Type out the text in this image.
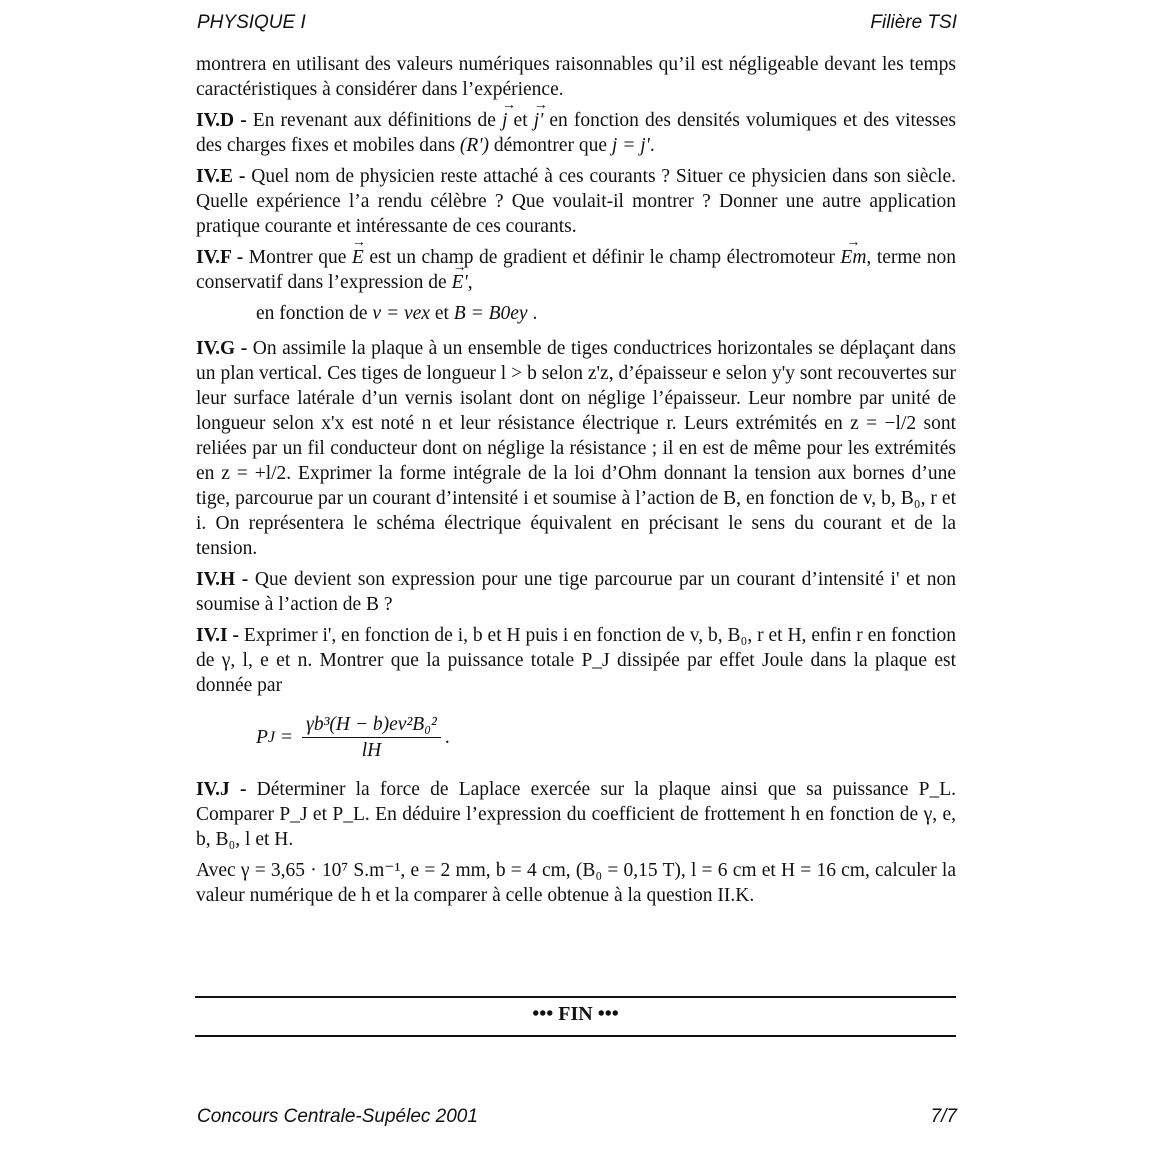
PHYSIQUE I	Filière TSI

montrera en utilisant des valeurs numériques raisonnables qu’il est négligeable devant les temps caractéristiques à considérer dans l’expérience.

IV.D - En revenant aux définitions de → j et → j' en fonction des densités volumiques et des vitesses des charges fixes et mobiles dans (R') démontrer que j = j'.

IV.E - Quel nom de physicien reste attaché à ces courants ? Situer ce physicien dans son siècle. Quelle expérience l’a rendu célèbre ? Que voulait-il montrer ? Donner une autre application pratique courante et intéressante de ces courants.

IV.F - Montrer que → E est un champ de gradient et définir le champ électromoteur → Em, terme non conservatif dans l’expression de → E',

en fonction de v = vex et B = B0ey .

IV.G - On assimile la plaque à un ensemble de tiges conductrices horizontales se déplaçant dans un plan vertical. Ces tiges de longueur l > b selon z'z, d’épaisseur e selon y'y sont recouvertes sur leur surface latérale d’un vernis isolant dont on néglige l’épaisseur. Leur nombre par unité de longueur selon x'x est noté n et leur résistance électrique r. Leurs extrémités en z = −l/2 sont reliées par un fil conducteur dont on néglige la résistance ; il en est de même pour les extrémités en z = +l/2. Exprimer la forme intégrale de la loi d’Ohm donnant la tension aux bornes d’une tige, parcourue par un courant d’intensité i et soumise à l’action de B, en fonction de v, b, B₀, r et i. On représentera le schéma électrique équivalent en précisant le sens du courant et de la tension.

IV.H - Que devient son expression pour une tige parcourue par un courant d’intensité i' et non soumise à l’action de B ?

IV.I - Exprimer i', en fonction de i, b et H puis i en fonction de v, b, B₀, r et H, enfin r en fonction de γ, l, e et n. Montrer que la puissance totale P_J dissipée par effet Joule dans la plaque est donnée par

P $J = \frac{\text{γb³(H − b)ev²B₀²}}{lH}$ .

IV.J - Déterminer la force de Laplace exercée sur la plaque ainsi que sa puissance P_L. Comparer P_J et P_L. En déduire l’expression du coefficient de frottement h en fonction de γ, e, b, B₀, l et H.

Avec γ = 3,65 · 10⁷ S.m⁻¹, e = 2 mm, b = 4 cm, (B₀ = 0,15 T), l = 6 cm et H = 16 cm, calculer la valeur numérique de h et la comparer à celle obtenue à la question II.K.

••• FIN •••
Concours Centrale-Supélec 2001	7/7
